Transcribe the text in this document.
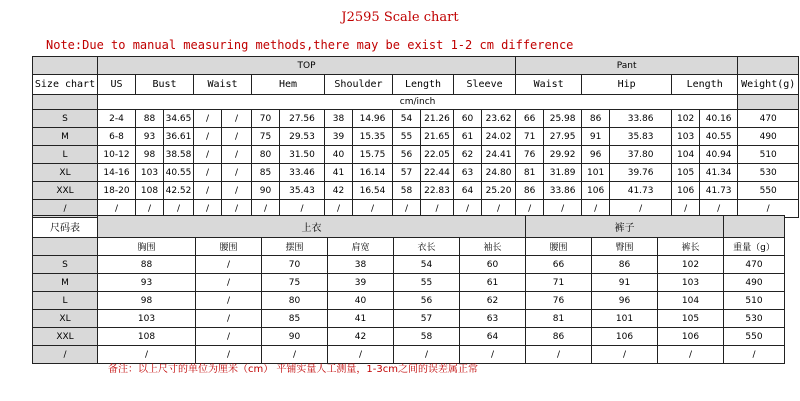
J2595 Scale chart
Note:Due to manual measuring methods,there may be exist 1-2 cm difference
	TOP													Pant						
Size chart	US	Bust		Waist		Hem		Shoulder		Length		Sleeve		Waist		Hip		Length		Weight(g)
	cm/inch																			
S	2-4	88	34.65	/	/	70	27.56	38	14.96	54	21.26	60	23.62	66	25.98	86	33.86	102	40.16	470
M	6-8	93	36.61	/	/	75	29.53	39	15.35	55	21.65	61	24.02	71	27.95	91	35.83	103	40.55	490
L	10-12	98	38.58	/	/	80	31.50	40	15.75	56	22.05	62	24.41	76	29.92	96	37.80	104	40.94	510
XL	14-16	103	40.55	/	/	85	33.46	41	16.14	57	22.44	63	24.80	81	31.89	101	39.76	105	41.34	530
XXL	18-20	108	42.52	/	/	90	35.43	42	16.54	58	22.83	64	25.20	86	33.86	106	41.73	106	41.73	550
/	/	/	/	/	/	/	/	/	/	/	/	/	/	/	/	/	/	/	/	/
尺码表	上衣						裤子			
	胸围	腰围	摆围	肩宽	衣长	袖长	腰围	臀围	裤长	重量（g）
S	88	/	70	38	54	60	66	86	102	470
M	93	/	75	39	55	61	71	91	103	490
L	98	/	80	40	56	62	76	96	104	510
XL	103	/	85	41	57	63	81	101	105	530
XXL	108	/	90	42	58	64	86	106	106	550
/	/	/	/	/	/	/	/	/	/	/
备注：以上尺寸的单位为厘米（cm） 平铺实量人工测量，1-3cm之间的误差属正常
